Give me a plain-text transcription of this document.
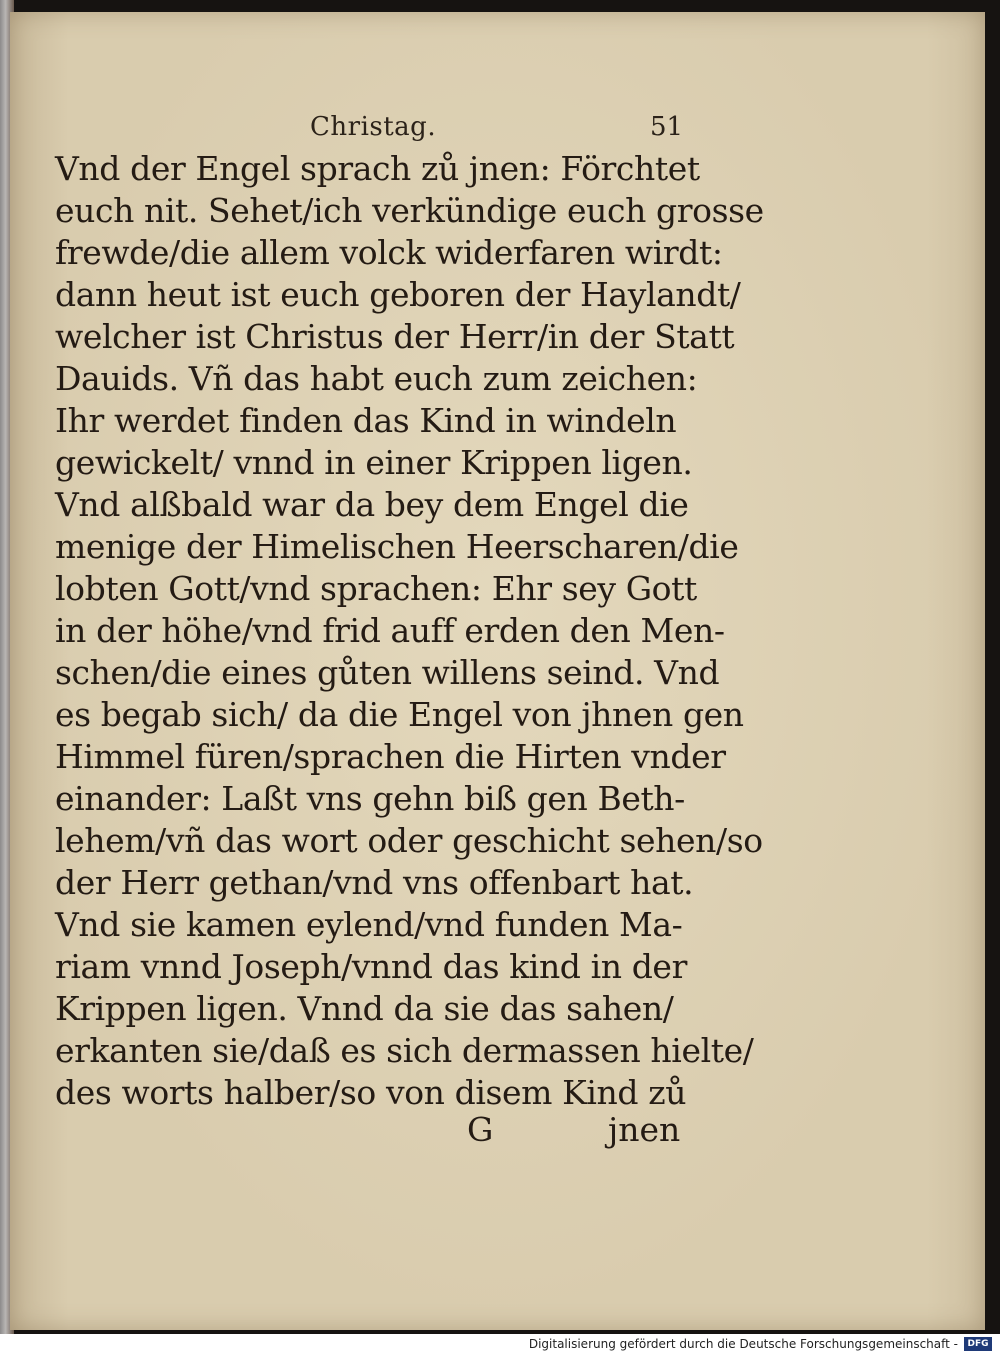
Christag.	51
Vnd der Engel sprach zů jnen: Förchtet
euch nit. Sehet/ich verkündige euch grosse
frewde/die allem volck widerfaren wirdt:
dann heut ist euch geboren der Haylandt/
welcher ist Christus der Herr/in der Statt
Dauids. Vñ das habt euch zum zeichen:
Ihr werdet finden das Kind in windeln
gewickelt/ vnnd in einer Krippen ligen.
Vnd alßbald war da bey dem Engel die
menige der Himelischen Heerscharen/die
lobten Gott/vnd sprachen: Ehr sey Gott
in der höhe/vnd frid auff erden den Men-
schen/die eines gůten willens seind. Vnd
es begab sich/ da die Engel von jhnen gen
Himmel füren/sprachen die Hirten vnder
einander: Laßt vns gehn biß gen Beth-
lehem/vñ das wort oder geschicht sehen/so
der Herr gethan/vnd vns offenbart hat.
Vnd sie kamen eylend/vnd funden Ma-
riam vnnd Joseph/vnnd das kind in der
Krippen ligen. Vnnd da sie das sahen/
erkanten sie/daß es sich dermassen hielte/
des worts halber/so von disem Kind zů
G	jnen
Digitalisierung gefördert durch die Deutsche Forschungsgemeinschaft -	DFG
